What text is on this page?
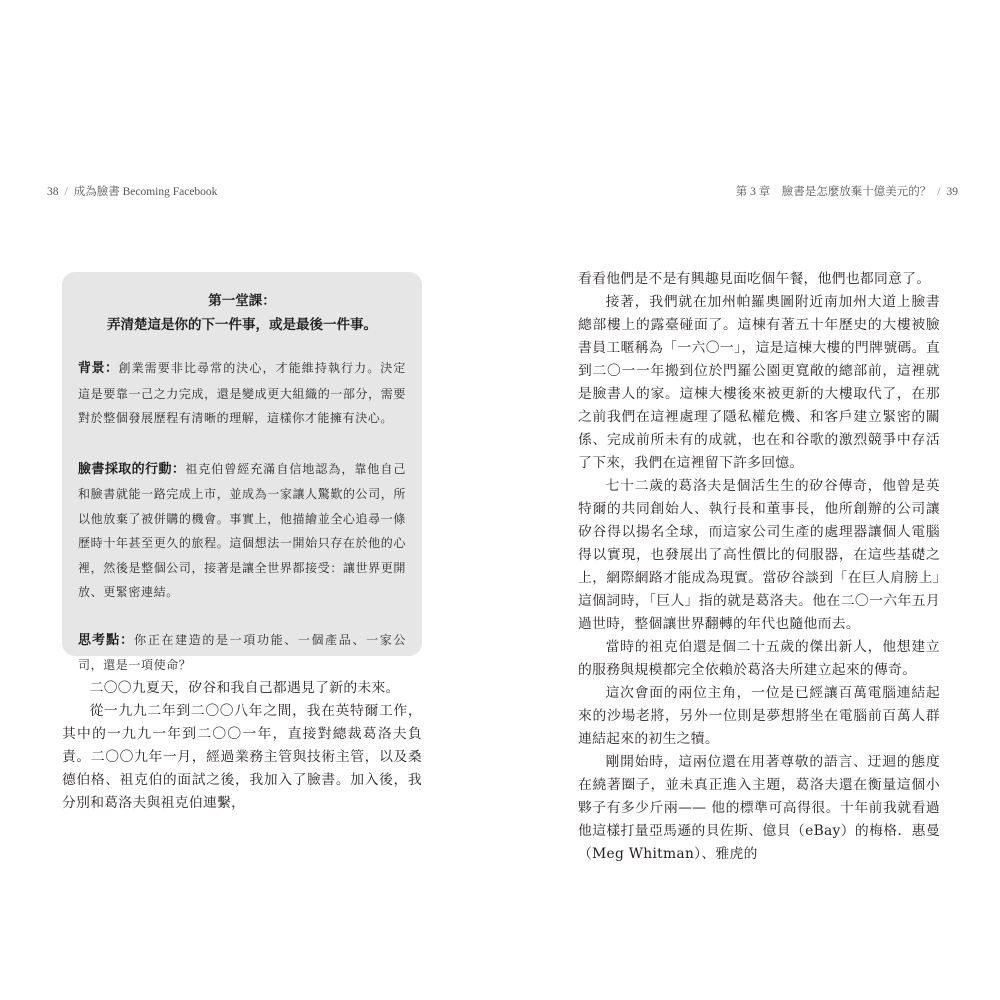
38 / 成為臉書 Becoming Facebook	第 3 章　臉書是怎麼放棄十億美元的？ / 39
第一堂課：
弄清楚這是你的下一件事，或是最後一件事。

背景：創業需要非比尋常的決心，才能維持執行力。決定這是要靠一己之力完成，還是變成更大組織的一部分，需要對於整個發展歷程有清晰的理解，這樣你才能擁有決心。

臉書採取的行動：祖克伯曾經充滿自信地認為，靠他自己和臉書就能一路完成上市，並成為一家讓人驚歎的公司，所以他放棄了被併購的機會。事實上，他描繪並全心追尋一條歷時十年甚至更久的旅程。這個想法一開始只存在於他的心裡，然後是整個公司，接著是讓全世界都接受：讓世界更開放、更緊密連結。

思考點：你正在建造的是一項功能、一個產品、一家公司，還是一項使命？

二〇〇九夏天，矽谷和我自己都遇見了新的未來。

從一九九二年到二〇〇八年之間，我在英特爾工作，其中的一九九一年到二〇〇一年，直接對總裁葛洛夫負責。二〇〇九年一月，經過業務主管與技術主管，以及桑德伯格、祖克伯的面試之後，我加入了臉書。加入後，我分別和葛洛夫與祖克伯連繫，

看看他們是不是有興趣見面吃個午餐，他們也都同意了。

接著，我們就在加州帕羅奧圖附近南加州大道上臉書總部樓上的露臺碰面了。這棟有著五十年歷史的大樓被臉書員工暱稱為「一六〇一」，這是這棟大樓的門牌號碼。直到二〇一一年搬到位於門羅公園更寬敞的總部前，這裡就是臉書人的家。這棟大樓後來被更新的大樓取代了，在那之前我們在這裡處理了隱私權危機、和客戶建立緊密的關係、完成前所未有的成就，也在和谷歌的激烈競爭中存活了下來，我們在這裡留下許多回憶。

七十二歲的葛洛夫是個活生生的矽谷傳奇，他曾是英特爾的共同創始人、執行長和董事長，他所創辦的公司讓矽谷得以揚名全球，而這家公司生產的處理器讓個人電腦得以實現，也發展出了高性價比的伺服器，在這些基礎之上，網際網路才能成為現實。當矽谷談到「在巨人肩膀上」這個詞時，「巨人」指的就是葛洛夫。他在二〇一六年五月過世時，整個讓世界翻轉的年代也隨他而去。

當時的祖克伯還是個二十五歲的傑出新人，他想建立的服務與規模都完全依賴於葛洛夫所建立起來的傳奇。

這次會面的兩位主角，一位是已經讓百萬電腦連結起來的沙場老將，另外一位則是夢想將坐在電腦前百萬人群連結起來的初生之犢。

剛開始時，這兩位還在用著尊敬的語言、迂迴的態度在繞著圈子，並未真正進入主題，葛洛夫還在衡量這個小夥子有多少斤兩—— 他的標準可高得很。十年前我就看過他這樣打量亞馬遜的貝佐斯、億貝（eBay）的梅格．惠曼（Meg Whitman）、雅虎的
